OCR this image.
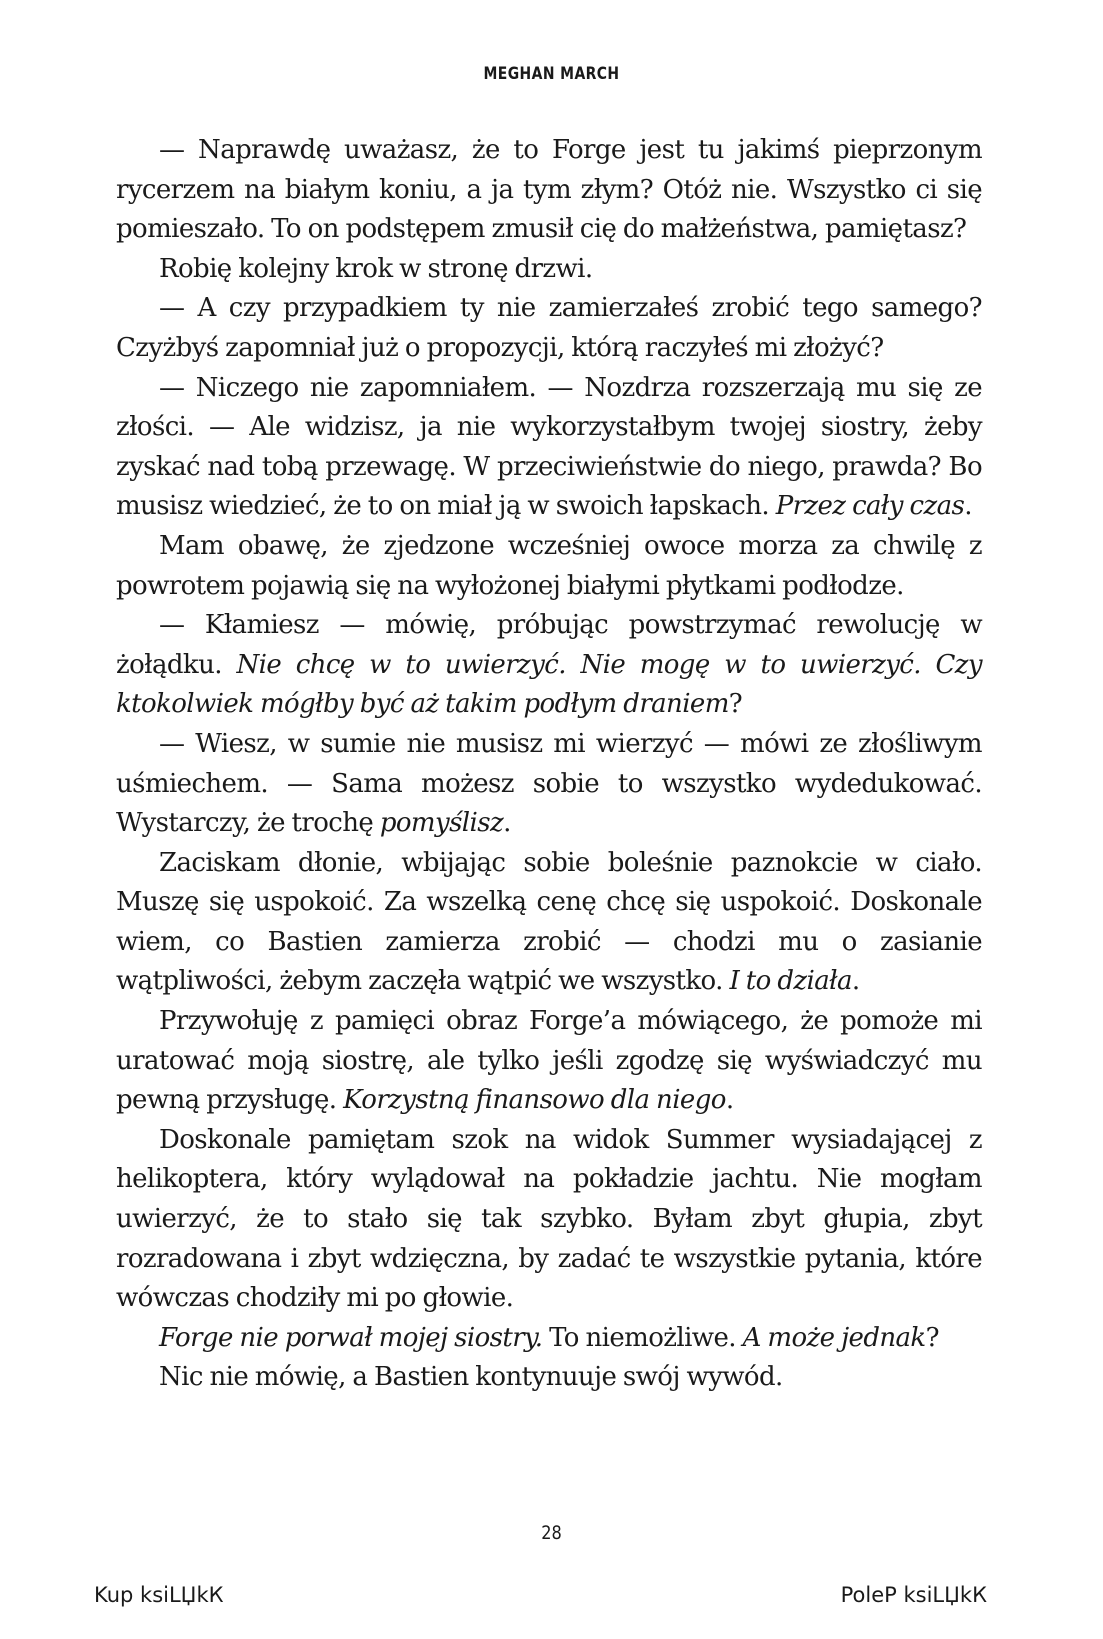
MEGHAN MARCH

— Naprawdę uważasz, że to Forge jest tu jakimś pieprzonym rycerzem na białym koniu, a ja tym złym? Otóż nie. Wszystko ci się pomieszało. To on podstępem zmusił cię do małżeństwa, pamiętasz?

Robię kolejny krok w stronę drzwi.

— A czy przypadkiem ty nie zamierzałeś zrobić tego samego? Czyżbyś zapomniał już o propozycji, którą raczyłeś mi złożyć?

— Niczego nie zapomniałem. — Nozdrza rozszerzają mu się ze złości. — Ale widzisz, ja nie wykorzystałbym twojej siostry, żeby zyskać nad tobą przewagę. W przeciwieństwie do niego, prawda? Bo musisz wiedzieć, że to on miał ją w swoich łapskach. Przez cały czas.

Mam obawę, że zjedzone wcześniej owoce morza za chwilę z powrotem pojawią się na wyłożonej białymi płytkami podłodze.

— Kłamiesz — mówię, próbując powstrzymać rewolucję w żołądku. Nie chcę w to uwierzyć. Nie mogę w to uwierzyć. Czy ktokolwiek mógłby być aż takim podłym draniem?

— Wiesz, w sumie nie musisz mi wierzyć — mówi ze złośliwym uśmiechem. — Sama możesz sobie to wszystko wydedukować. Wystarczy, że trochę pomyślisz.

Zaciskam dłonie, wbijając sobie boleśnie paznokcie w ciało. Muszę się uspokoić. Za wszelką cenę chcę się uspokoić. Doskonale wiem, co Bastien zamierza zrobić — chodzi mu o zasianie wątpliwości, żebym zaczęła wątpić we wszystko. I to działa.

Przywołuję z pamięci obraz Forge’a mówiącego, że pomoże mi uratować moją siostrę, ale tylko jeśli zgodzę się wyświadczyć mu pewną przysługę. Korzystną finansowo dla niego.

Doskonale pamiętam szok na widok Summer wysiadającej z helikoptera, który wylądował na pokładzie jachtu. Nie mogłam uwierzyć, że to stało się tak szybko. Byłam zbyt głupia, zbyt rozradowana i zbyt wdzięczna, by zadać te wszystkie pytania, które wówczas chodziły mi po głowie.

Forge nie porwał mojej siostry. To niemożliwe. A może jednak?

Nic nie mówię, a Bastien kontynuuje swój wywód.

28
Kup ksiLЏkК	PoleР ksiLЏkК
